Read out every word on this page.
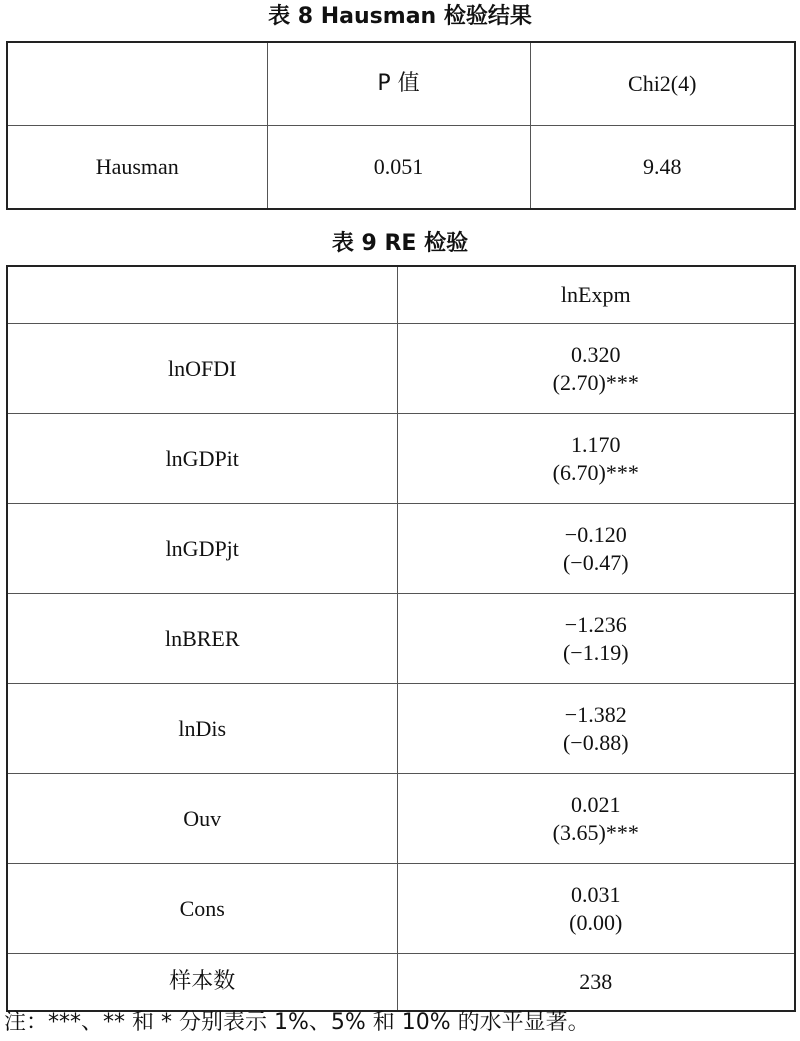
表 8 Hausman 检验结果
	P 值	Chi2(4)
Hausman	0.051	9.48
表 9 RE 检验
	lnExpm
lnOFDI	0.320
(2.70)***

lnGDPit	1.170
(6.70)***

lnGDPjt	−0.120
(−0.47)

lnBRER	−1.236
(−1.19)

lnDis	−1.382
(−0.88)

Ouv	0.021
(3.65)***

Cons	0.031
(0.00)

样本数	238
注：***、** 和 * 分别表示 1%、5% 和 10% 的水平显著。
